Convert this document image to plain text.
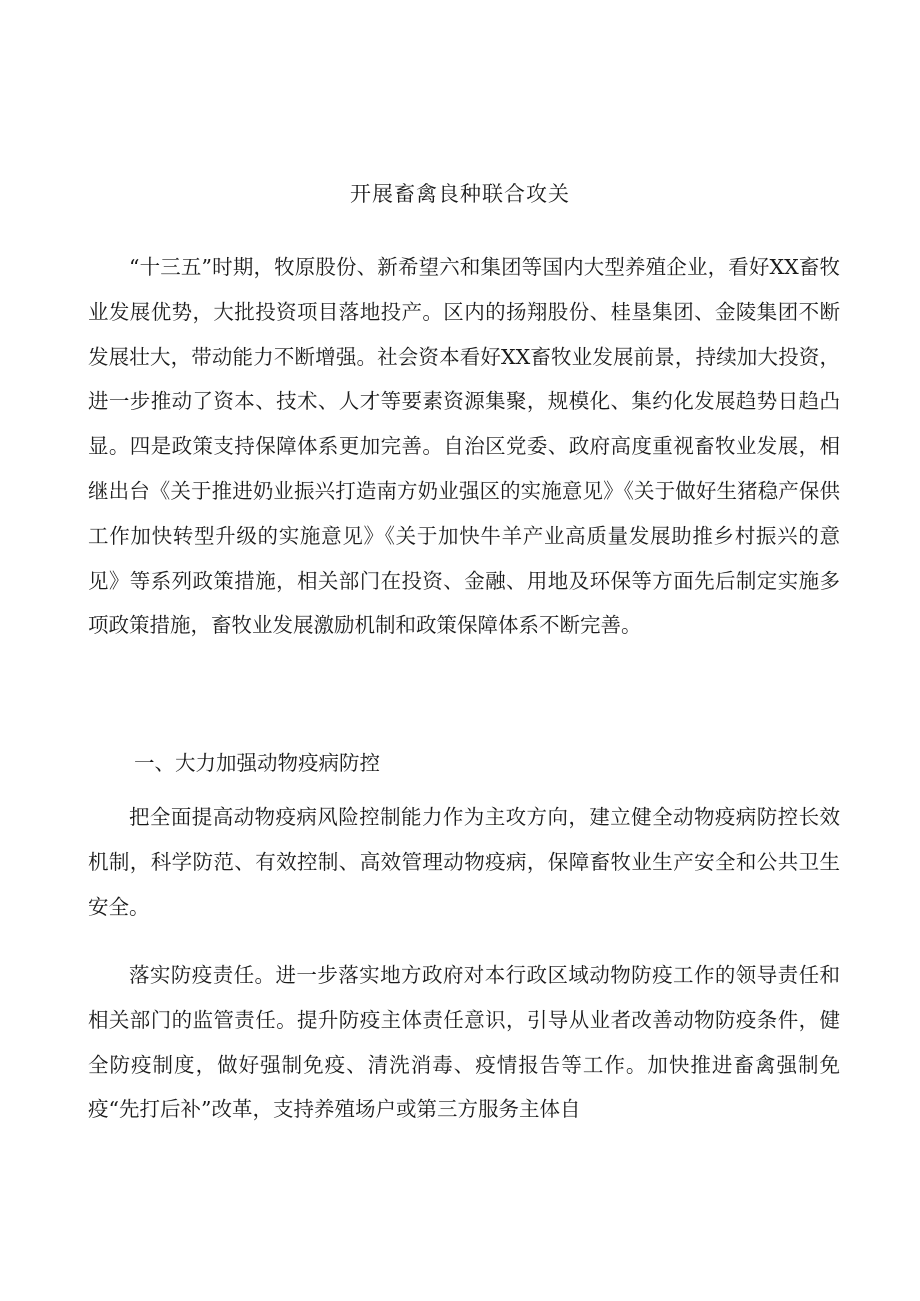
开展畜禽良种联合攻关

“十三五”时期，牧原股份、新希望六和集团等国内大型养殖企业，看好XX畜牧业发展优势，大批投资项目落地投产。区内的扬翔股份、桂垦集团、金陵集团不断发展壮大，带动能力不断增强。社会资本看好XX畜牧业发展前景，持续加大投资，进一步推动了资本、技术、人才等要素资源集聚，规模化、集约化发展趋势日趋凸显。四是政策支持保障体系更加完善。自治区党委、政府高度重视畜牧业发展，相继出台《关于推进奶业振兴打造南方奶业强区的实施意见》《关于做好生猪稳产保供工作加快转型升级的实施意见》《关于加快牛羊产业高质量发展助推乡村振兴的意见》等系列政策措施，相关部门在投资、金融、用地及环保等方面先后制定实施多项政策措施，畜牧业发展激励机制和政策保障体系不断完善。

一、大力加强动物疫病防控

把全面提高动物疫病风险控制能力作为主攻方向，建立健全动物疫病防控长效机制，科学防范、有效控制、高效管理动物疫病，保障畜牧业生产安全和公共卫生安全。

落实防疫责任。进一步落实地方政府对本行政区域动物防疫工作的领导责任和相关部门的监管责任。提升防疫主体责任意识，引导从业者改善动物防疫条件，健全防疫制度，做好强制免疫、清洗消毒、疫情报告等工作。加快推进畜禽强制免疫“先打后补”改革，支持养殖场户或第三方服务主体自
